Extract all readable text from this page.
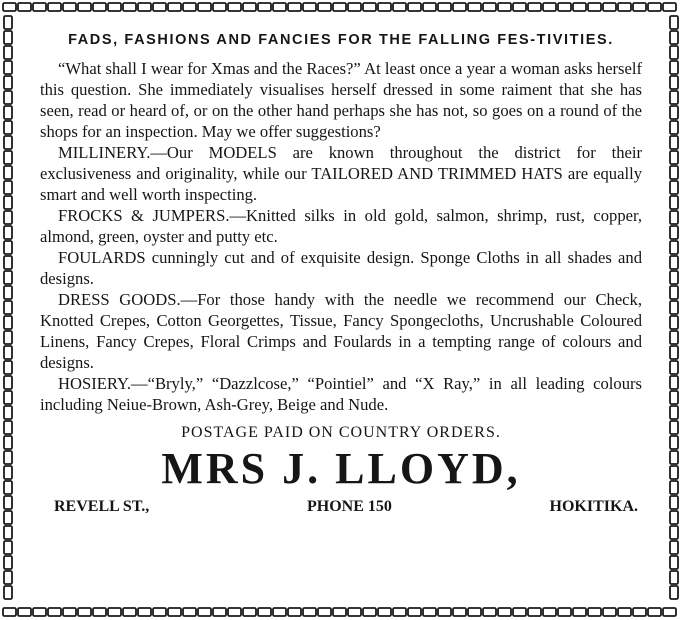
FADS, FASHIONS AND FANCIES FOR THE FALLING FES-TIVITIES.

“What shall I wear for Xmas and the Races?” At least once a year a woman asks herself this question. She immediately visualises herself dressed in some raiment that she has seen, read or heard of, or on the other hand perhaps she has not, so goes on a round of the shops for an inspection. May we offer suggestions?

MILLINERY.—Our MODELS are known throughout the district for their exclusiveness and originality, while our TAILORED AND TRIMMED HATS are equally smart and well worth inspecting.

FROCKS & JUMPERS.—Knitted silks in old gold, salmon, shrimp, rust, copper, almond, green, oyster and putty etc.

FOULARDS cunningly cut and of exquisite design. Sponge Cloths in all shades and designs.

DRESS GOODS.—For those handy with the needle we recommend our Check, Knotted Crepes, Cotton Georgettes, Tissue, Fancy Spongecloths, Uncrushable Coloured Linens, Fancy Crepes, Floral Crimps and Foulards in a tempting range of colours and designs.

HOSIERY.—“Bryly,” “Dazzlcose,” “Pointiel” and “X Ray,” in all leading colours including Neiue-Brown, Ash-Grey, Beige and Nude.

POSTAGE PAID ON COUNTRY ORDERS.
MRS J. LLOYD,
REVELL ST.,	PHONE 150	HOKITIKA.
